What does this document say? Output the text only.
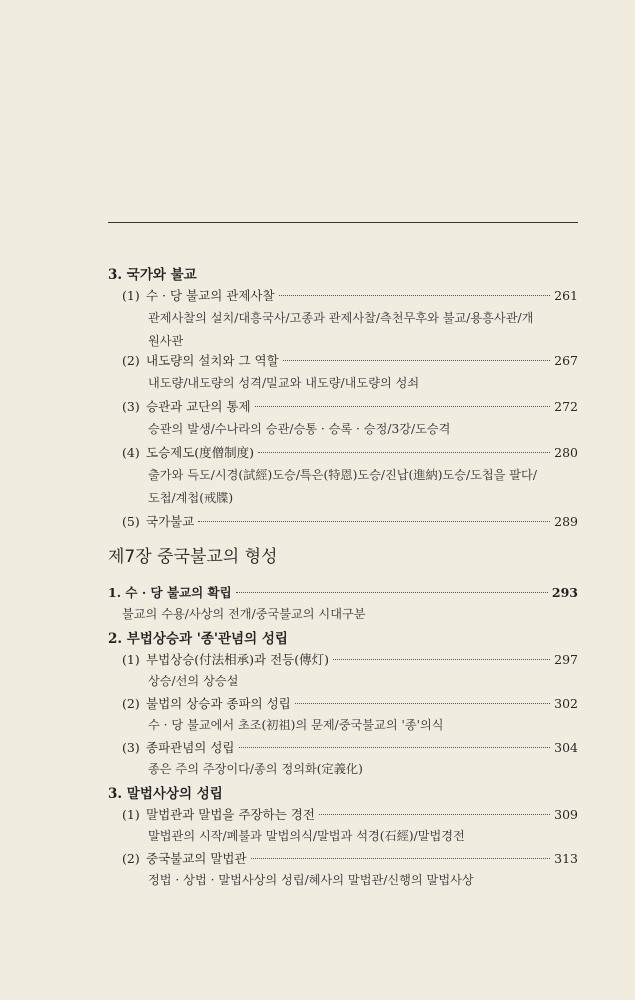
3. 국가와 불교
(1) 수 · 당 불교의 관제사찰	261
관제사찰의 설치/대흥국사/고종과 관제사찰/측천무후와 불교/용흥사관/개
원사관
(2) 내도량의 설치와 그 역할	267
내도량/내도량의 성격/밀교와 내도량/내도량의 성쇠
(3) 승관과 교단의 통제	272
승관의 발생/수나라의 승관/승통 · 승록 · 승정/3강/도승격
(4) 도승제도(度僧制度)	280
출가와 득도/시경(試經)도승/특은(特恩)도승/진납(進納)도승/도첩을 팔다/
도첩/계첩(戒牒)
(5) 국가불교	289
제7장 중국불교의 형성
1. 수 · 당 불교의 확립	293
불교의 수용/사상의 전개/중국불교의 시대구분
2. 부법상승과 '종'관념의 성립
(1) 부법상승(付法相承)과 전등(傳灯)	297
상승/선의 상승설
(2) 불법의 상승과 종파의 성립	302
수 · 당 불교에서 초조(初祖)의 문제/중국불교의 '종'의식
(3) 종파관념의 성립	304
종은 주의 주장이다/종의 정의화(定義化)
3. 말법사상의 성립
(1) 말법관과 말법을 주장하는 경전	309
말법관의 시작/폐불과 말법의식/말법과 석경(石經)/말법경전
(2) 중국불교의 말법관	313
정법 · 상법 · 말법사상의 성립/혜사의 말법관/신행의 말법사상
